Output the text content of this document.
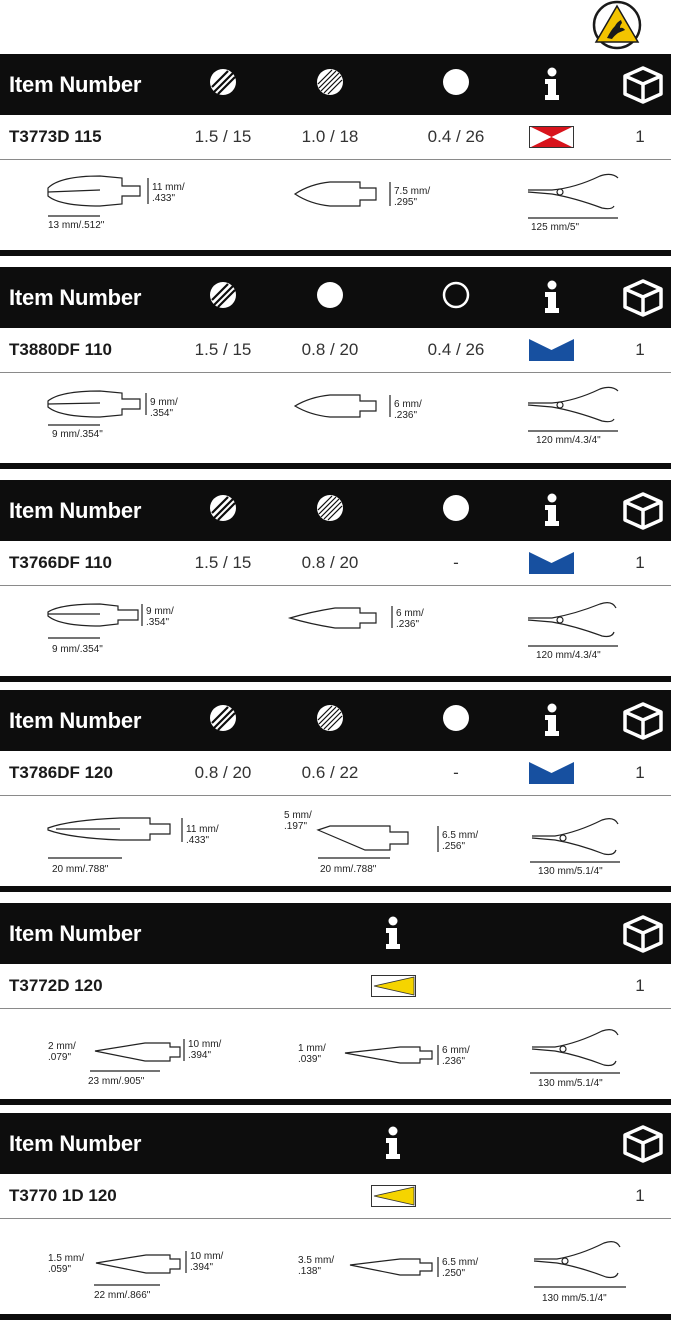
Item Number
T3773D 115	1.5 / 15	1.0 / 18	0.4 / 26	1
11 mm/
.433"
13 mm/.512"
7.5 mm/
.295"
125 mm/5"
Item Number
T3880DF 110	1.5 / 15	0.8 / 20	0.4 / 26	1
9 mm/
.354"
9 mm/.354"
6 mm/
.236"
120 mm/4.3/4"
Item Number
T3766DF 110	1.5 / 15	0.8 / 20	-	1
9 mm/
.354"
9 mm/.354"
6 mm/
.236"
120 mm/4.3/4"
Item Number
T3786DF 120	0.8 / 20	0.6 / 22	-	1
11 mm/
.433"
20 mm/.788"
5 mm/
.197"
6.5 mm/
.256"
20 mm/.788"	130 mm/5.1/4"
Item Number
T3772D 120	1
2 mm/
.079"
10 mm/
.394"
23 mm/.905"
1 mm/
.039"
6 mm/
.236"
130 mm/5.1/4"
Item Number
T3770 1D 120	1
1.5 mm/
.059"
10 mm/
.394"
22 mm/.866"
3.5 mm/
.138"
6.5 mm/
.250"
130 mm/5.1/4"
